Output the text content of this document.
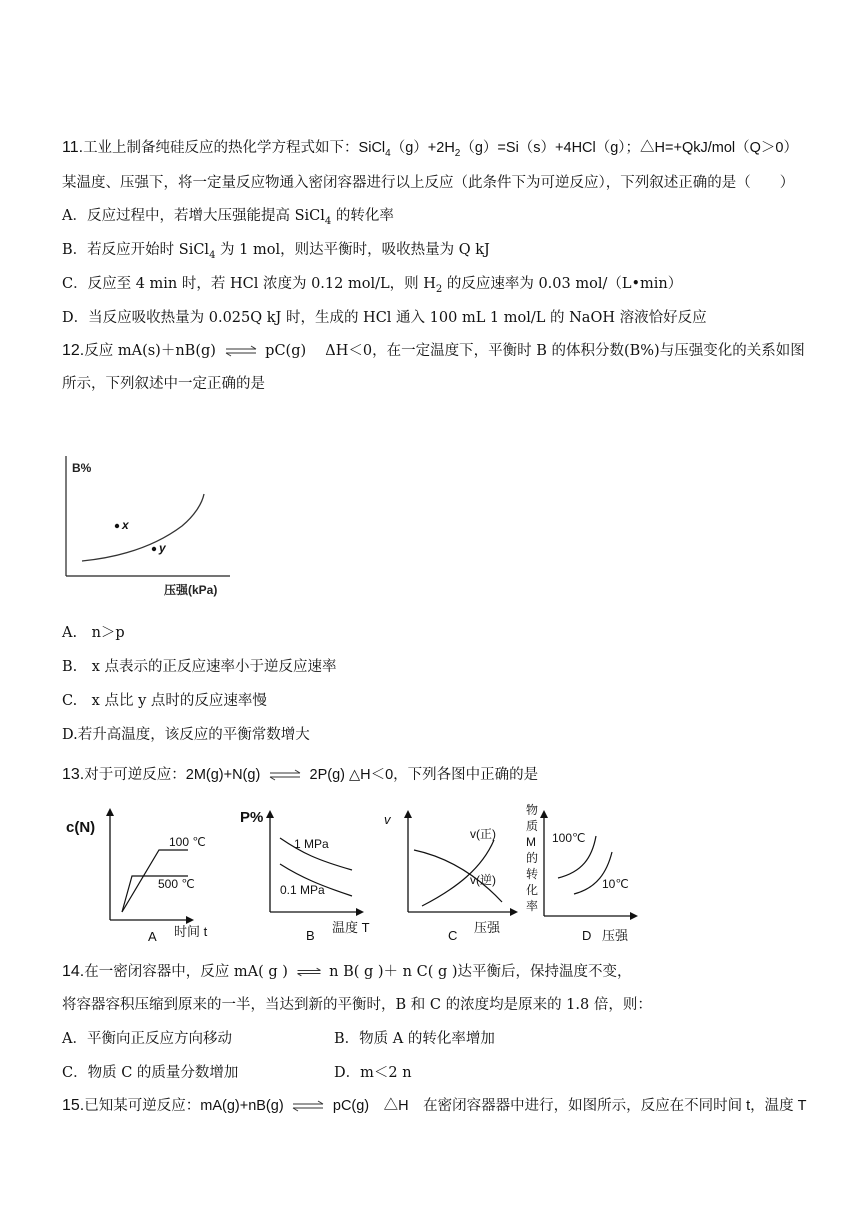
11.工业上制备纯硅反应的热化学方程式如下：$SiCl_4(g)+2H_2(g)=Si(s)+4HCl(g)$；△H=+QkJ/mol（Q＞0）
某温度、压强下，将一定量反应物通入密闭容器进行以上反应（此条件下为可逆反应），下列叙述正确的是（　　）
A．反应过程中，若增大压强能提高 SiCl$_4$ 的转化率
B．若反应开始时 SiCl$_4$ 为 1 mol，则达平衡时，吸收热量为 Q kJ
C．反应至 4 min 时，若 HCl 浓度为 0.12 mol/L，则 $H_2$ 的反应速率为 0.03 mol/（L•min）
D．当反应吸收热量为 0.025Q kJ 时，生成的 HCl 通入 100 mL 1 mol/L 的 NaOH 溶液恰好反应
12.反应 mA(s)＋nB(g) ⇌ pC(g)　 ΔH＜0，在一定温度下，平衡时 B 的体积分数(B%)与压强变化的关系如图
所示，下列叙述中一定正确的是
B%
x
y
压强(kPa)
A.　n＞p
B.　x 点表示的正反应速率小于逆反应速率
C.　x 点比 y 点时的反应速率慢
D.若升高温度，该反应的平衡常数增大
13.对于可逆反应：2M(g)+N(g) ⇌ 2P(g) △H＜0，下列各图中正确的是
c(N)
100 ℃
500 ℃
时间 t
A
P%
1 MPa
0.1 MPa
温度 T
B
v
v(正)
v(逆)
压强
C
物
质
M
的
转
化
率
100℃
10℃
压强
D
14.在一密闭容器中，反应 mA( g ) ⇌ n B( g )＋ n C( g )达平衡后，保持温度不变，
将容器容积压缩到原来的一半，当达到新的平衡时，B 和 C 的浓度均是原来的 1.8 倍，则：
A．平衡向正反应方向移动	B．物质 A 的转化率增加
C．物质 C 的质量分数增加	D．m＜2 n
15.已知某可逆反应：mA(g)+nB(g) ⇌ pC(g)　△H　在密闭容器器中进行，如图所示，反应在不同时间 t，温度 T
